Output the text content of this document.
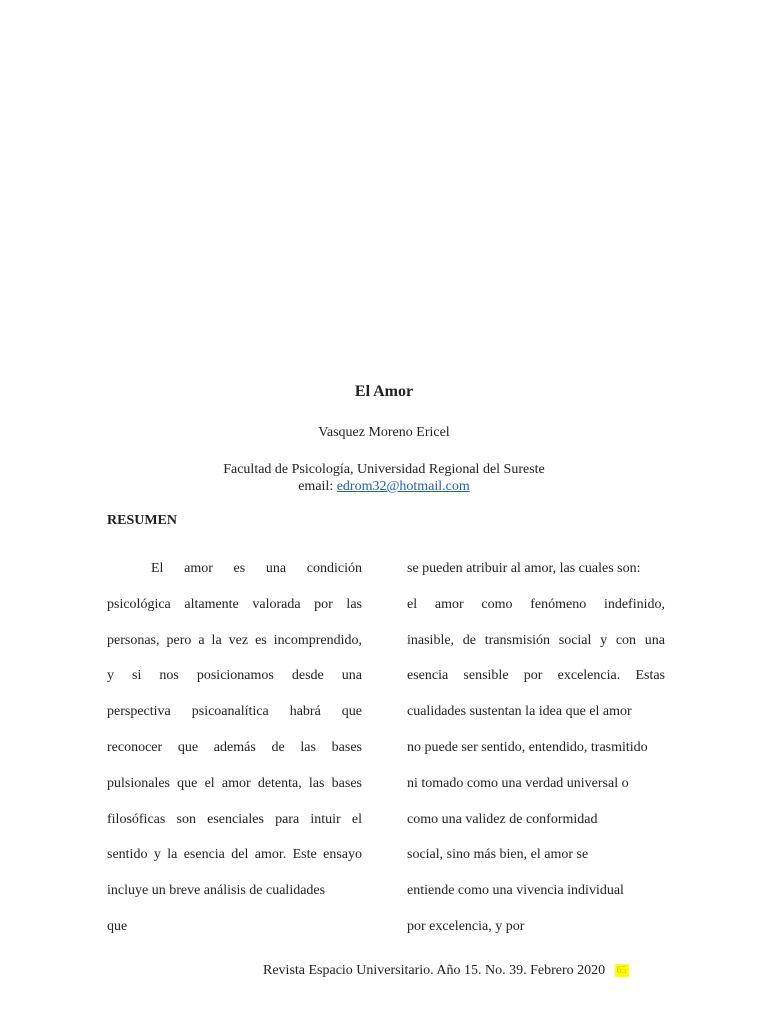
El Amor
Vasquez Moreno Ericel
Facultad de Psicología, Universidad Regional del Sureste
email: edrom32@hotmail.com
RESUMEN
El amor es una condición
psicológica altamente valorada por las
personas, pero a la vez es incomprendido,
y si nos posicionamos desde una
perspectiva psicoanalítica habrá que
reconocer que además de las bases
pulsionales que el amor detenta, las bases
filosóficas son esenciales para intuir el
sentido y la esencia del amor. Este ensayo
incluye un breve análisis de cualidades
que
se pueden atribuir al amor, las cuales son:
el amor como fenómeno indefinido,
inasible, de transmisión social y con una
esencia sensible por excelencia. Estas
cualidades sustentan la idea que el amor
no puede ser sentido, entendido, trasmitido
ni tomado como una verdad universal o
como una validez de conformidad
social, sino más bien, el amor se
entiende como una vivencia individual
por excelencia, y por
Revista Espacio Universitario. Año 15. No. 39. Febrero 2020 65
